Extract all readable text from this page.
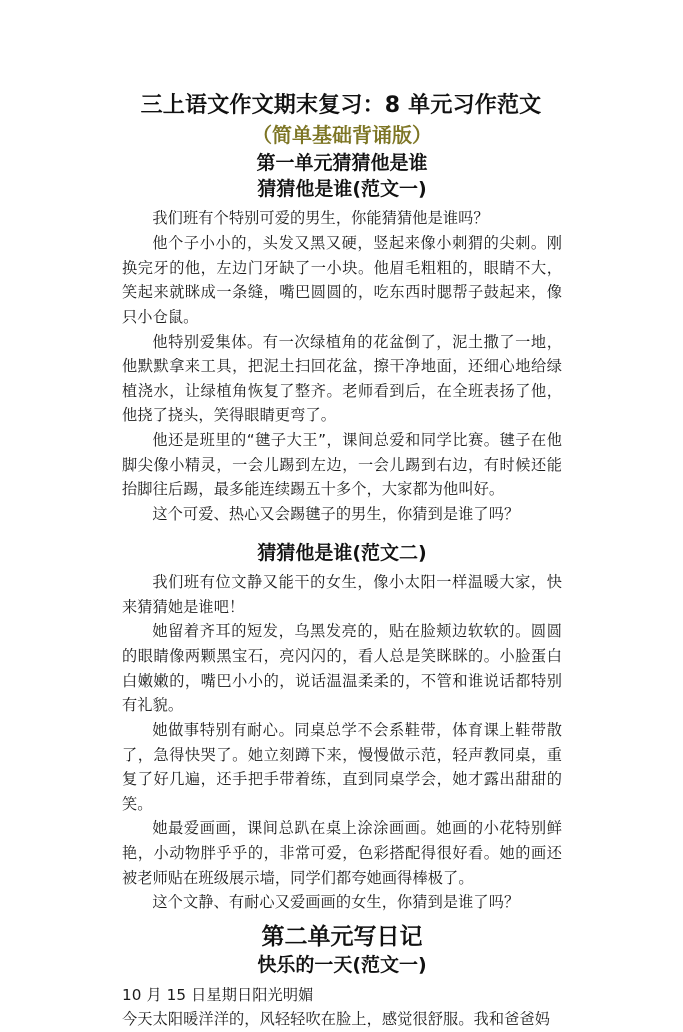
三上语文作文期末复习：8 单元习作范文
（简单基础背诵版）
第一单元猜猜他是谁
猜猜他是谁(范文一)

我们班有个特别可爱的男生，你能猜猜他是谁吗？

他个子小小的，头发又黑又硬，竖起来像小刺猬的尖刺。刚换完牙的他，左边门牙缺了一小块。他眉毛粗粗的，眼睛不大，笑起来就眯成一条缝，嘴巴圆圆的，吃东西时腮帮子鼓起来，像只小仓鼠。

他特别爱集体。有一次绿植角的花盆倒了，泥土撒了一地，他默默拿来工具，把泥土扫回花盆，擦干净地面，还细心地给绿植浇水，让绿植角恢复了整齐。老师看到后，在全班表扬了他，他挠了挠头，笑得眼睛更弯了。

他还是班里的“毽子大王”，课间总爱和同学比赛。毽子在他脚尖像小精灵，一会儿踢到左边，一会儿踢到右边，有时候还能抬脚往后踢，最多能连续踢五十多个，大家都为他叫好。

这个可爱、热心又会踢毽子的男生，你猜到是谁了吗？

猜猜他是谁(范文二)

我们班有位文静又能干的女生，像小太阳一样温暖大家，快来猜猜她是谁吧！

她留着齐耳的短发，乌黑发亮的，贴在脸颊边软软的。圆圆的眼睛像两颗黑宝石，亮闪闪的，看人总是笑眯眯的。小脸蛋白白嫩嫩的，嘴巴小小的，说话温温柔柔的，不管和谁说话都特别有礼貌。

她做事特别有耐心。同桌总学不会系鞋带，体育课上鞋带散了，急得快哭了。她立刻蹲下来，慢慢做示范，轻声教同桌，重复了好几遍，还手把手带着练，直到同桌学会，她才露出甜甜的笑。

她最爱画画，课间总趴在桌上涂涂画画。她画的小花特别鲜艳，小动物胖乎乎的，非常可爱，色彩搭配得很好看。她的画还被老师贴在班级展示墙，同学们都夸她画得棒极了。

这个文静、有耐心又爱画画的女生，你猜到是谁了吗？

第二单元写日记
快乐的一天(范文一)

10 月 15 日星期日阳光明媚

今天太阳暖洋洋的，风轻轻吹在脸上，感觉很舒服。我和爸爸妈
